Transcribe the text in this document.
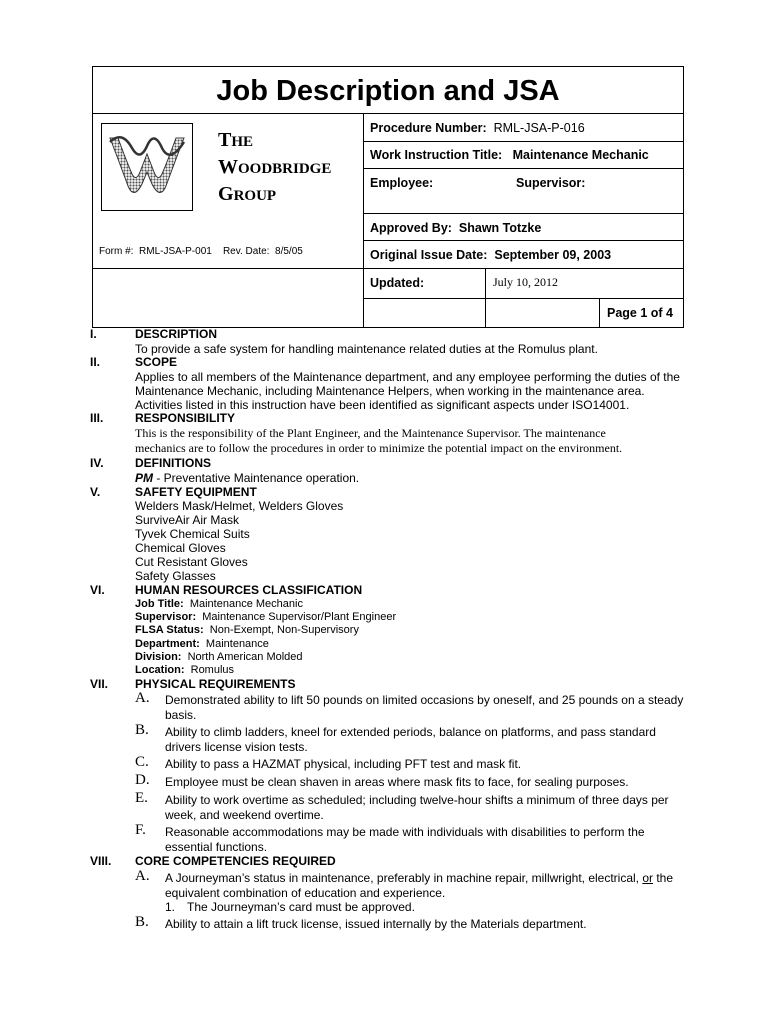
Job Description and JSA
THE
WOODBRIDGE
GROUP
Form #: RML-JSA-P-001 Rev. Date: 8/5/05
Procedure Number: RML-JSA-P-016
Work Instruction Title: Maintenance Mechanic
Employee:	Supervisor:
Approved By: Shawn Totzke
Original Issue Date: September 09, 2003
Updated:	July 10, 2012
Page 1 of 4
I.	DESCRIPTION
To provide a safe system for handling maintenance related duties at the Romulus plant.
II.	SCOPE
Applies to all members of the Maintenance department, and any employee performing the duties of the Maintenance Mechanic, including Maintenance Helpers, when working in the maintenance area. Activities listed in this instruction have been identified as significant aspects under ISO14001.
III.	RESPONSIBILITY
This is the responsibility of the Plant Engineer, and the Maintenance Supervisor. The maintenance mechanics are to follow the procedures in order to minimize the potential impact on the environment.
IV.	DEFINITIONS
PM - Preventative Maintenance operation.
V.	SAFETY EQUIPMENT
Welders Mask/Helmet, Welders Gloves
SurviveAir Air Mask
Tyvek Chemical Suits
Chemical Gloves
Cut Resistant Gloves
Safety Glasses
VI.	HUMAN RESOURCES CLASSIFICATION
Job Title: Maintenance Mechanic
Supervisor: Maintenance Supervisor/Plant Engineer
FLSA Status: Non-Exempt, Non-Supervisory
Department: Maintenance
Division: North American Molded
Location: Romulus
VII. PHYSICAL REQUIREMENTS
A. Demonstrated ability to lift 50 pounds on limited occasions by oneself, and 25 pounds on a steady basis.
B. Ability to climb ladders, kneel for extended periods, balance on platforms, and pass standard drivers license vision tests.
C. Ability to pass a HAZMAT physical, including PFT test and mask fit.
D. Employee must be clean shaven in areas where mask fits to face, for sealing purposes.
E. Ability to work overtime as scheduled; including twelve-hour shifts a minimum of three days per week, and weekend overtime.
F. Reasonable accommodations may be made with individuals with disabilities to perform the essential functions.
VIII. CORE COMPETENCIES REQUIRED
A. A Journeyman’s status in maintenance, preferably in machine repair, millwright, electrical, or the equivalent combination of education and experience.
1. The Journeyman’s card must be approved.
B. Ability to attain a lift truck license, issued internally by the Materials department.
